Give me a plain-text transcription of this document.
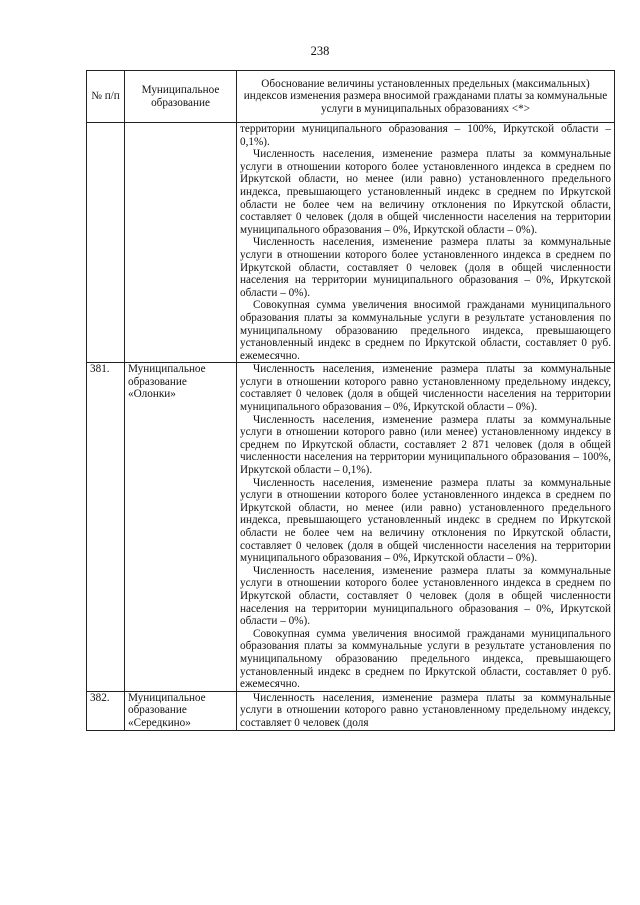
238
№ п/п	Муниципальное образование	Обоснование величины установленных предельных (максимальных) индексов изменения размера вносимой гражданами платы за коммунальные услуги в муниципальных образованиях <*>

		территории муниципального образования – 100%, Иркутской области – 0,1%).

Численность населения, изменение размера платы за коммунальные услуги в отношении которого более установленного индекса в среднем по Иркутской области, но менее (или равно) установленного предельного индекса, превышающего установленный индекс в среднем по Иркутской области не более чем на величину отклонения по Иркутской области, составляет 0 человек (доля в общей численности населения на территории муниципального образования – 0%, Иркутской области – 0%).

Численность населения, изменение размера платы за коммунальные услуги в отношении которого более установленного индекса в среднем по Иркутской области, составляет 0 человек (доля в общей численности населения на территории муниципального образования – 0%, Иркутской области – 0%).

Совокупная сумма увеличения вносимой гражданами муниципального образования платы за коммунальные услуги в результате установления по муниципальному образованию предельного индекса, превышающего установленный индекс в среднем по Иркутской области, составляет 0 руб. ежемесячно.

381.	Муниципальное образование «Олонки»	Численность населения, изменение размера платы за коммунальные услуги в отношении которого равно установленному предельному индексу, составляет 0 человек (доля в общей численности населения на территории муниципального образования – 0%, Иркутской области – 0%).

Численность населения, изменение размера платы за коммунальные услуги в отношении которого равно (или менее) установленному индексу в среднем по Иркутской области, составляет 2 871 человек (доля в общей численности населения на территории муниципального образования – 100%, Иркутской области – 0,1%).

Численность населения, изменение размера платы за коммунальные услуги в отношении которого более установленного индекса в среднем по Иркутской области, но менее (или равно) установленного предельного индекса, превышающего установленный индекс в среднем по Иркутской области не более чем на величину отклонения по Иркутской области, составляет 0 человек (доля в общей численности населения на территории муниципального образования – 0%, Иркутской области – 0%).

Численность населения, изменение размера платы за коммунальные услуги в отношении которого более установленного индекса в среднем по Иркутской области, составляет 0 человек (доля в общей численности населения на территории муниципального образования – 0%, Иркутской области – 0%).

Совокупная сумма увеличения вносимой гражданами муниципального образования платы за коммунальные услуги в результате установления по муниципальному образованию предельного индекса, превышающего установленный индекс в среднем по Иркутской области, составляет 0 руб. ежемесячно.

382.	Муниципальное образование «Середкино»	Численность населения, изменение размера платы за коммунальные услуги в отношении которого равно установленному предельному индексу, составляет 0 человек (доля
